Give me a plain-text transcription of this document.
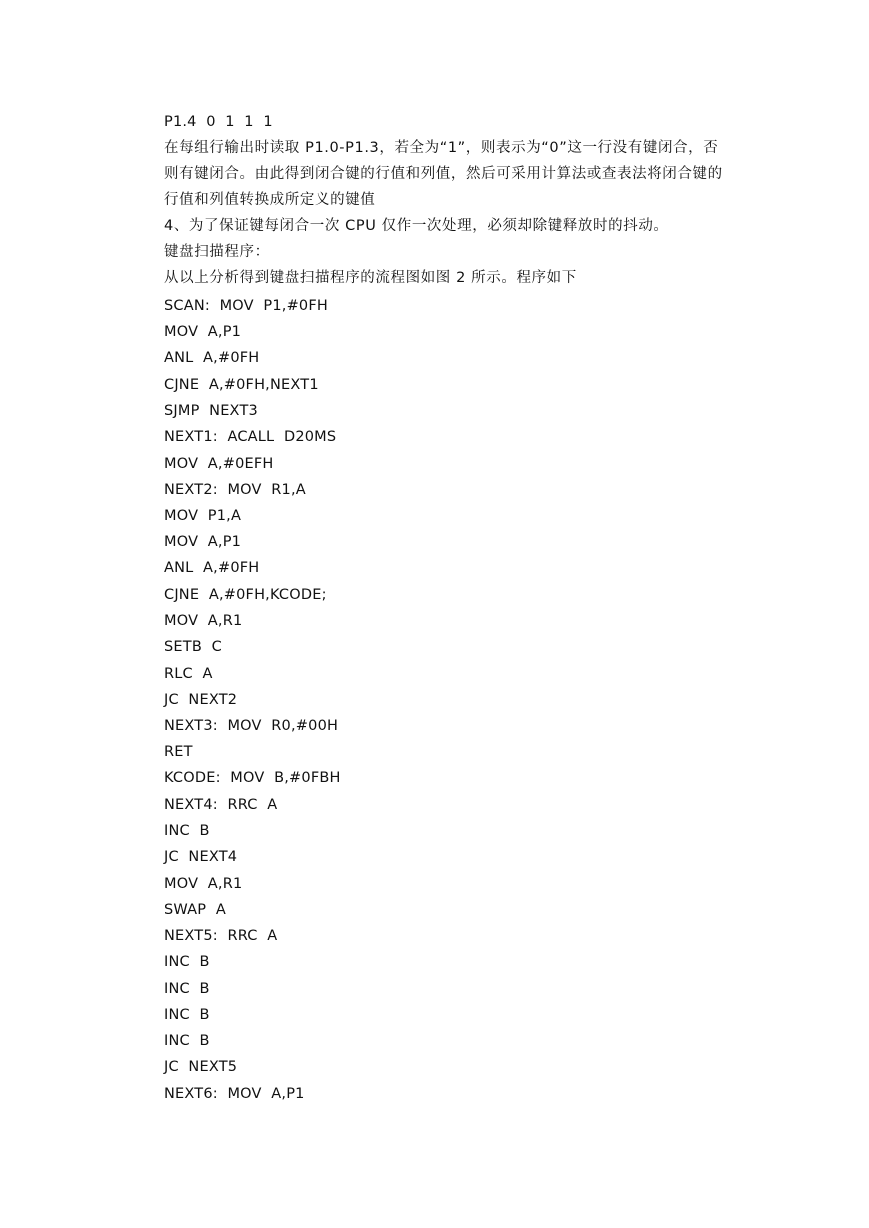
P1.4  0  1  1  1
在每组行输出时读取 P1.0-P1.3，若全为“1”，则表示为“0”这一行没有键闭合，否
则有键闭合。由此得到闭合键的行值和列值，然后可采用计算法或查表法将闭合键的
行值和列值转换成所定义的键值
4、为了保证键每闭合一次 CPU 仅作一次处理，必须却除键释放时的抖动。
键盘扫描程序：
从以上分析得到键盘扫描程序的流程图如图 2 所示。程序如下
SCAN:  MOV  P1,#0FH
MOV  A,P1
ANL  A,#0FH
CJNE  A,#0FH,NEXT1
SJMP  NEXT3
NEXT1:  ACALL  D20MS
MOV  A,#0EFH
NEXT2:  MOV  R1,A
MOV  P1,A
MOV  A,P1
ANL  A,#0FH
CJNE  A,#0FH,KCODE;
MOV  A,R1
SETB  C
RLC  A
JC  NEXT2
NEXT3:  MOV  R0,#00H
RET
KCODE:  MOV  B,#0FBH
NEXT4:  RRC  A
INC  B
JC  NEXT4
MOV  A,R1
SWAP  A
NEXT5:  RRC  A
INC  B
INC  B
INC  B
INC  B
JC  NEXT5
NEXT6:  MOV  A,P1
